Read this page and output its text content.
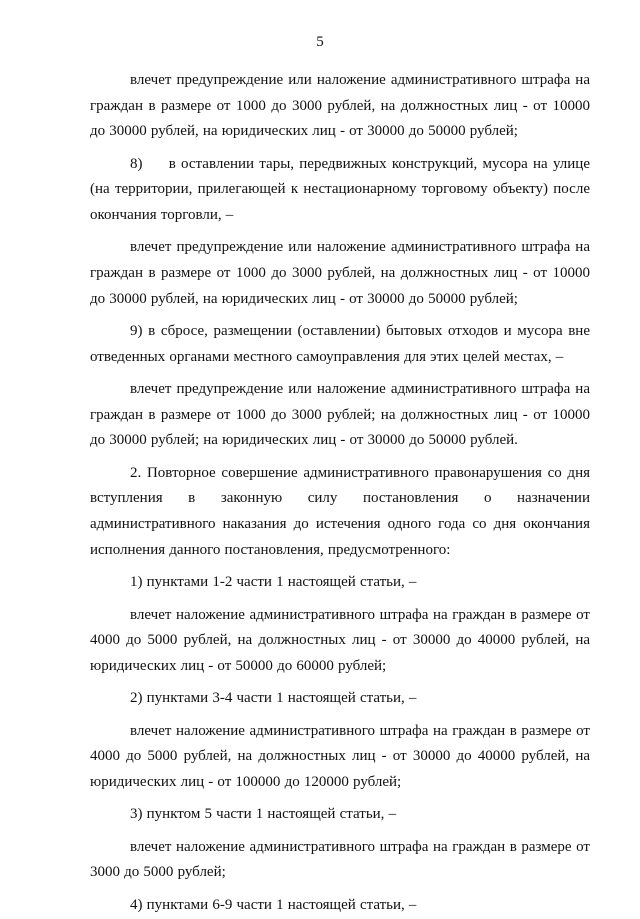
5

влечет предупреждение или наложение административного штрафа на граждан в размере от 1000 до 3000 рублей, на должностных лиц - от 10000 до 30000 рублей, на юридических лиц - от 30000 до 50000 рублей;

8)     в оставлении тары, передвижных конструкций, мусора на улице (на территории, прилегающей к нестационарному торговому объекту) после окончания торговли, –

влечет предупреждение или наложение административного штрафа на граждан в размере от 1000 до 3000 рублей, на должностных лиц - от 10000 до 30000 рублей, на юридических лиц - от 30000 до 50000 рублей;

9) в сбросе, размещении (оставлении) бытовых отходов и мусора вне отведенных органами местного самоуправления для этих целей местах, –

влечет предупреждение или наложение административного штрафа на граждан в размере от 1000 до 3000 рублей; на должностных лиц - от 10000 до 30000 рублей; на юридических лиц - от 30000 до 50000 рублей.

2. Повторное совершение административного правонарушения со дня вступления в законную силу постановления о назначении административного наказания до истечения одного года со дня окончания исполнения данного постановления, предусмотренного:

1) пунктами 1-2 части 1 настоящей статьи, –

влечет наложение административного штрафа на граждан в размере от 4000 до 5000 рублей, на должностных лиц - от 30000 до 40000 рублей, на юридических лиц - от 50000 до 60000 рублей;

2) пунктами 3-4 части 1 настоящей статьи, –

влечет наложение административного штрафа на граждан в размере от 4000 до 5000 рублей, на должностных лиц - от 30000 до 40000 рублей, на юридических лиц - от 100000 до 120000 рублей;

3) пунктом 5 части 1 настоящей статьи, –

влечет наложение административного штрафа на граждан в размере от 3000 до 5000 рублей;

4) пунктами 6-9 части 1 настоящей статьи, –
